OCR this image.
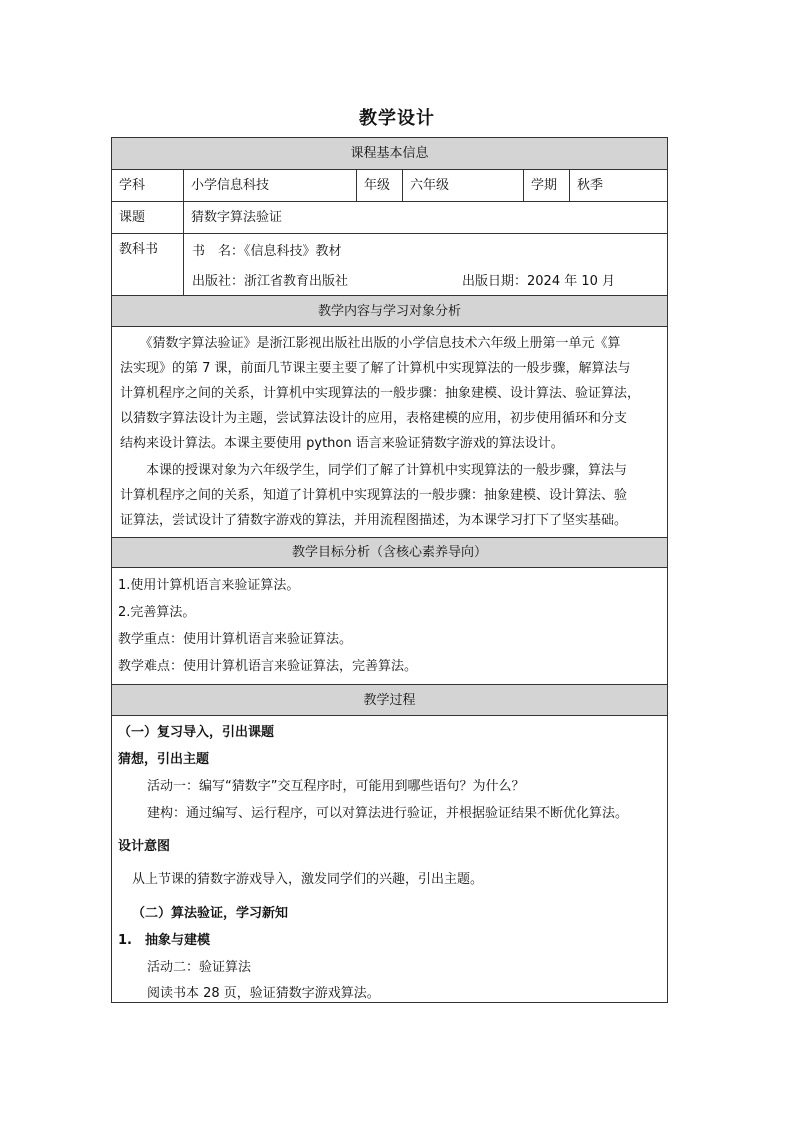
教学设计
课程基本信息
学科	小学信息科技	年级	六年级	学期	秋季
课题	猜数字算法验证
教科书	书　名：《信息科技》教材
出版社：浙江省教育出版社	出版日期：2024 年 10 月
教学内容与学习对象分析
　　《猜数字算法验证》是浙江影视出版社出版的小学信息技术六年级上册第一单元《算
法实现》的第 7 课，前面几节课主要主要了解了计算机中实现算法的一般步骤，解算法与
计算机程序之间的关系，计算机中实现算法的一般步骤：抽象建模、设计算法、验证算法，
以猜数字算法设计为主题，尝试算法设计的应用，表格建模的应用，初步使用循环和分支
结构来设计算法。本课主要使用 python 语言来验证猜数字游戏的算法设计。
　　本课的授课对象为六年级学生，同学们了解了计算机中实现算法的一般步骤，算法与
计算机程序之间的关系，知道了计算机中实现算法的一般步骤：抽象建模、设计算法、验
证算法，尝试设计了猜数字游戏的算法，并用流程图描述，为本课学习打下了坚实基础。
教学目标分析（含核心素养导向）
1.使用计算机语言来验证算法。
2.完善算法。
教学重点：使用计算机语言来验证算法。
教学难点：使用计算机语言来验证算法，完善算法。
教学过程
（一）复习导入，引出课题
猜想，引出主题
活动一：编写“猜数字”交互程序时，可能用到哪些语句？为什么？
建构：通过编写、运行程序，可以对算法进行验证，并根据验证结果不断优化算法。
设计意图
从上节课的猜数字游戏导入，激发同学们的兴趣，引出主题。
（二）算法验证，学习新知
1.　抽象与建模
活动二：验证算法
阅读书本 28 页，验证猜数字游戏算法。
